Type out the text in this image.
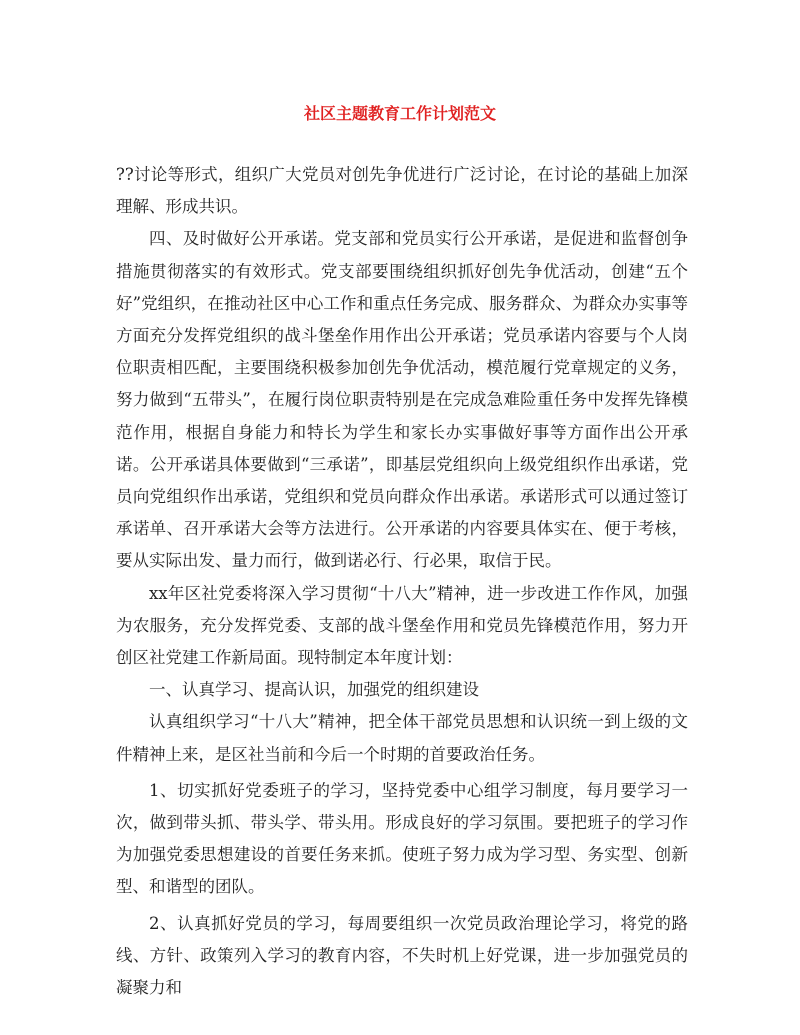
社区主题教育工作计划范文

??讨论等形式，组织广大党员对创先争优进行广泛讨论，在讨论的基础上加深理解、形成共识。

四、及时做好公开承诺。党支部和党员实行公开承诺，是促进和监督创争措施贯彻落实的有效形式。党支部要围绕组织抓好创先争优活动，创建“五个好”党组织，在推动社区中心工作和重点任务完成、服务群众、为群众办实事等方面充分发挥党组织的战斗堡垒作用作出公开承诺；党员承诺内容要与个人岗位职责相匹配，主要围绕积极参加创先争优活动，模范履行党章规定的义务，努力做到“五带头”，在履行岗位职责特别是在完成急难险重任务中发挥先锋模范作用，根据自身能力和特长为学生和家长办实事做好事等方面作出公开承诺。公开承诺具体要做到“三承诺”，即基层党组织向上级党组织作出承诺，党员向党组织作出承诺，党组织和党员向群众作出承诺。承诺形式可以通过签订承诺单、召开承诺大会等方法进行。公开承诺的内容要具体实在、便于考核，要从实际出发、量力而行，做到诺必行、行必果，取信于民。

xx年区社党委将深入学习贯彻“十八大”精神，进一步改进工作作风，加强为农服务，充分发挥党委、支部的战斗堡垒作用和党员先锋模范作用，努力开创区社党建工作新局面。现特制定本年度计划：

一、认真学习、提高认识，加强党的组织建设

认真组织学习“十八大”精神，把全体干部党员思想和认识统一到上级的文件精神上来，是区社当前和今后一个时期的首要政治任务。

1、切实抓好党委班子的学习，坚持党委中心组学习制度，每月要学习一次，做到带头抓、带头学、带头用。形成良好的学习氛围。要把班子的学习作为加强党委思想建设的首要任务来抓。使班子努力成为学习型、务实型、创新型、和谐型的团队。

2、认真抓好党员的学习，每周要组织一次党员政治理论学习，将党的路线、方针、政策列入学习的教育内容，不失时机上好党课，进一步加强党员的凝聚力和
